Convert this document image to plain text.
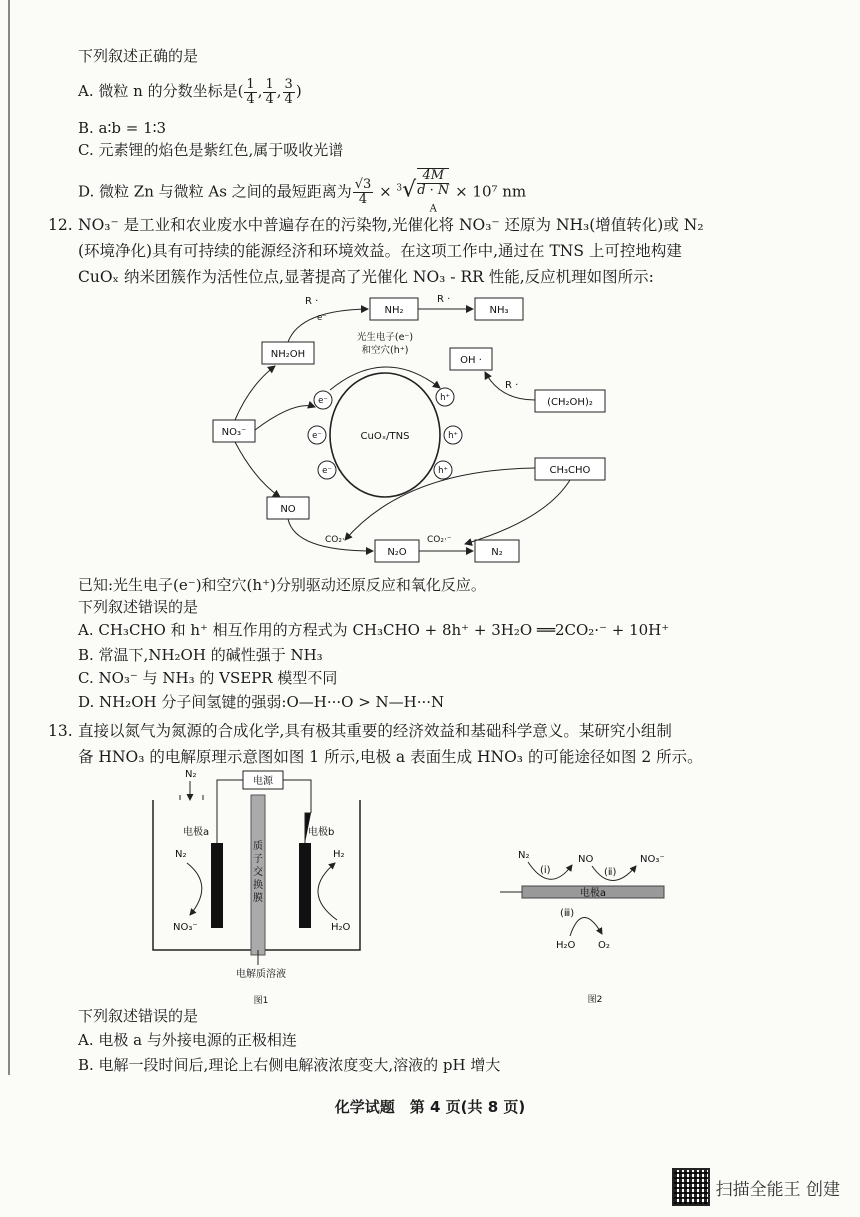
下列叙述正确的是
A. 微粒 n 的分数坐标是( $\frac{1}{4}$ , $\frac{1}{4}$ , $\frac{3}{4}$ )
B. a∶b = 1∶3
C. 元素锂的焰色是紫红色,属于吸收光谱
D. 微粒 Zn 与微粒 As 之间的最短距离为 $\frac{√3}{4} \times ^3√$ 4M
d · N
$_A$ × 10⁷ nm
12. NO₃⁻ 是工业和农业废水中普遍存在的污染物,光催化将 NO₃⁻ 还原为 NH₃(增值转化)或 N₂
(环境净化)具有可持续的能源经济和环境效益。在这项工作中,通过在 TNS 上可控地构建
CuOₓ 纳米团簇作为活性位点,显著提高了光催化 NO₃ - RR 性能,反应机理如图所示:
NH₂	NH₃
NH₂OH
NO₃⁻
NO
N₂O	N₂
OH ·
(CH₂OH)₂
CH₃CHO
CuOₓ/TNS
光生电子(e⁻)
和空穴(h⁺)
e⁻
e⁻
e⁻
h⁺
h⁺
h⁺
R ·
e⁻
R ·
R ·
CO₂·⁻	CO₂·⁻
已知:光生电子(e⁻)和空穴(h⁺)分别驱动还原反应和氧化反应。
下列叙述错误的是
A. CH₃CHO 和 h⁺ 相互作用的方程式为 CH₃CHO + 8h⁺ + 3H₂O ══2CO₂·⁻ + 10H⁺
B. 常温下,NH₂OH 的碱性强于 NH₃
C. NO₃⁻ 与 NH₃ 的 VSEPR 模型不同
D. NH₂OH 分子间氢键的强弱:O—H···O > N—H···N
13. 直接以氮气为氮源的合成化学,具有极其重要的经济效益和基础科学意义。某研究小组制
备 HNO₃ 的电解原理示意图如图 1 所示,电极 a 表面生成 HNO₃ 的可能途径如图 2 所示。
N₂
电源
电极a
质
子
交
换
膜
电极b
N₂
NO₃⁻
H₂
H₂O
电解质溶液
图1
N₂	NO	NO₃⁻
(ⅰ)	(ⅱ)
电极a
(ⅲ)
H₂O O₂
图2
下列叙述错误的是
A. 电极 a 与外接电源的正极相连
B. 电解一段时间后,理论上右侧电解液浓度变大,溶液的 pH 增大
化学试题　第 4 页(共 8 页)
扫描全能王 创建
